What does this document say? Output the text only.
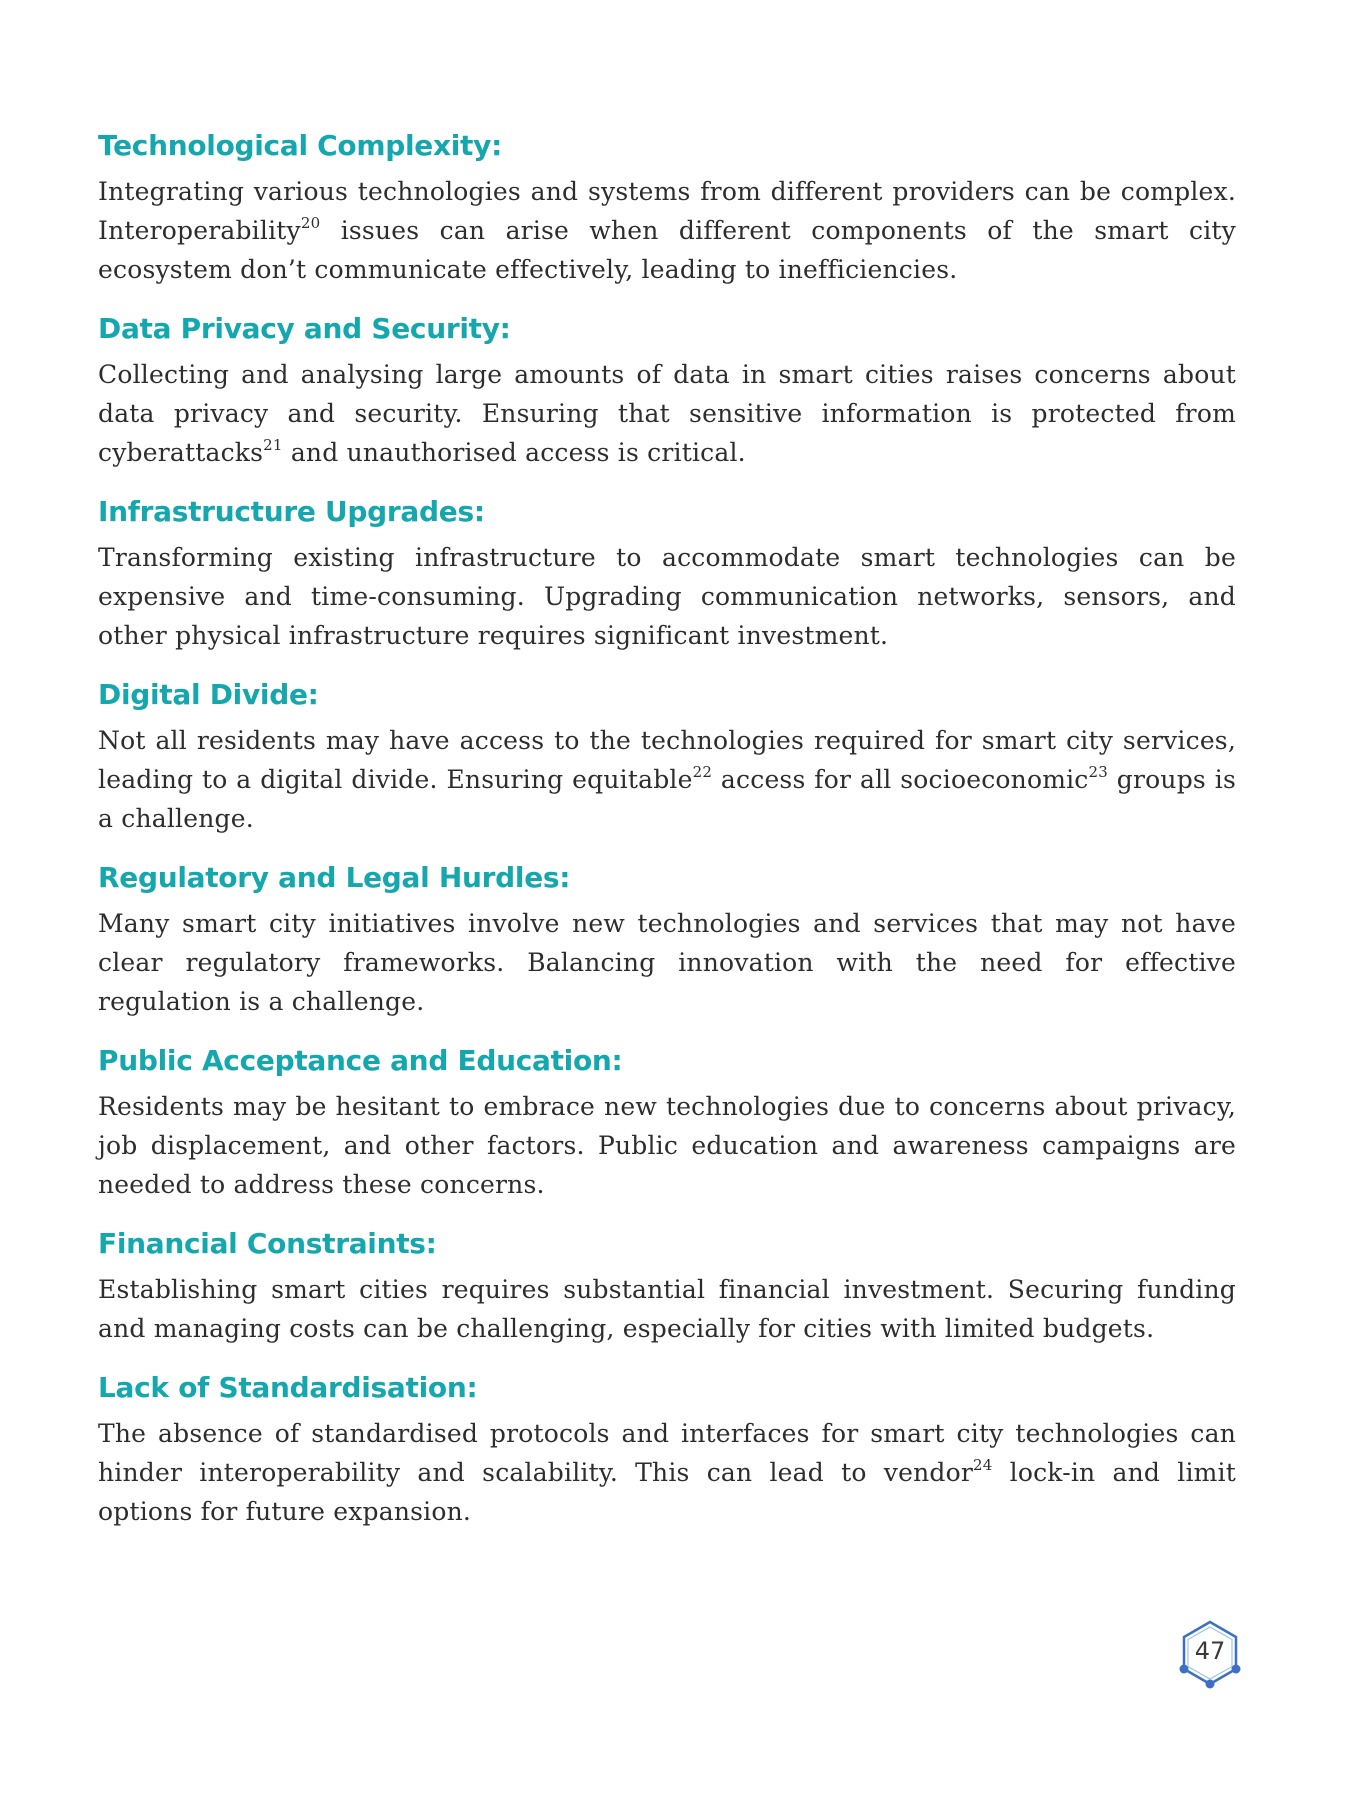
Technological Complexity:

Integrating various technologies and systems from different providers can be complex. Interoperability$^{20}$ issues can arise when different components of the smart city ecosystem don’t communicate effectively, leading to inefficiencies.

Data Privacy and Security:

Collecting and analysing large amounts of data in smart cities raises concerns about data privacy and security. Ensuring that sensitive information is protected from cyberattacks$^{21}$ and unauthorised access is critical.

Infrastructure Upgrades:

Transforming existing infrastructure to accommodate smart technologies can be expensive and time-consuming. Upgrading communication networks, sensors, and other physical infrastructure requires significant investment.

Digital Divide:

Not all residents may have access to the technologies required for smart city services, leading to a digital divide. Ensuring equitable$^{22}$ access for all socioeconomic$^{23}$ groups is a challenge.

Regulatory and Legal Hurdles:

Many smart city initiatives involve new technologies and services that may not have clear regulatory frameworks. Balancing innovation with the need for effective regulation is a challenge.

Public Acceptance and Education:

Residents may be hesitant to embrace new technologies due to concerns about privacy, job displacement, and other factors. Public education and awareness campaigns are needed to address these concerns.

Financial Constraints:

Establishing smart cities requires substantial financial investment. Securing funding and managing costs can be challenging, especially for cities with limited budgets.

Lack of Standardisation:

The absence of standardised protocols and interfaces for smart city technologies can hinder interoperability and scalability. This can lead to vendor$^{24}$ lock-in and limit options for future expansion.

47
